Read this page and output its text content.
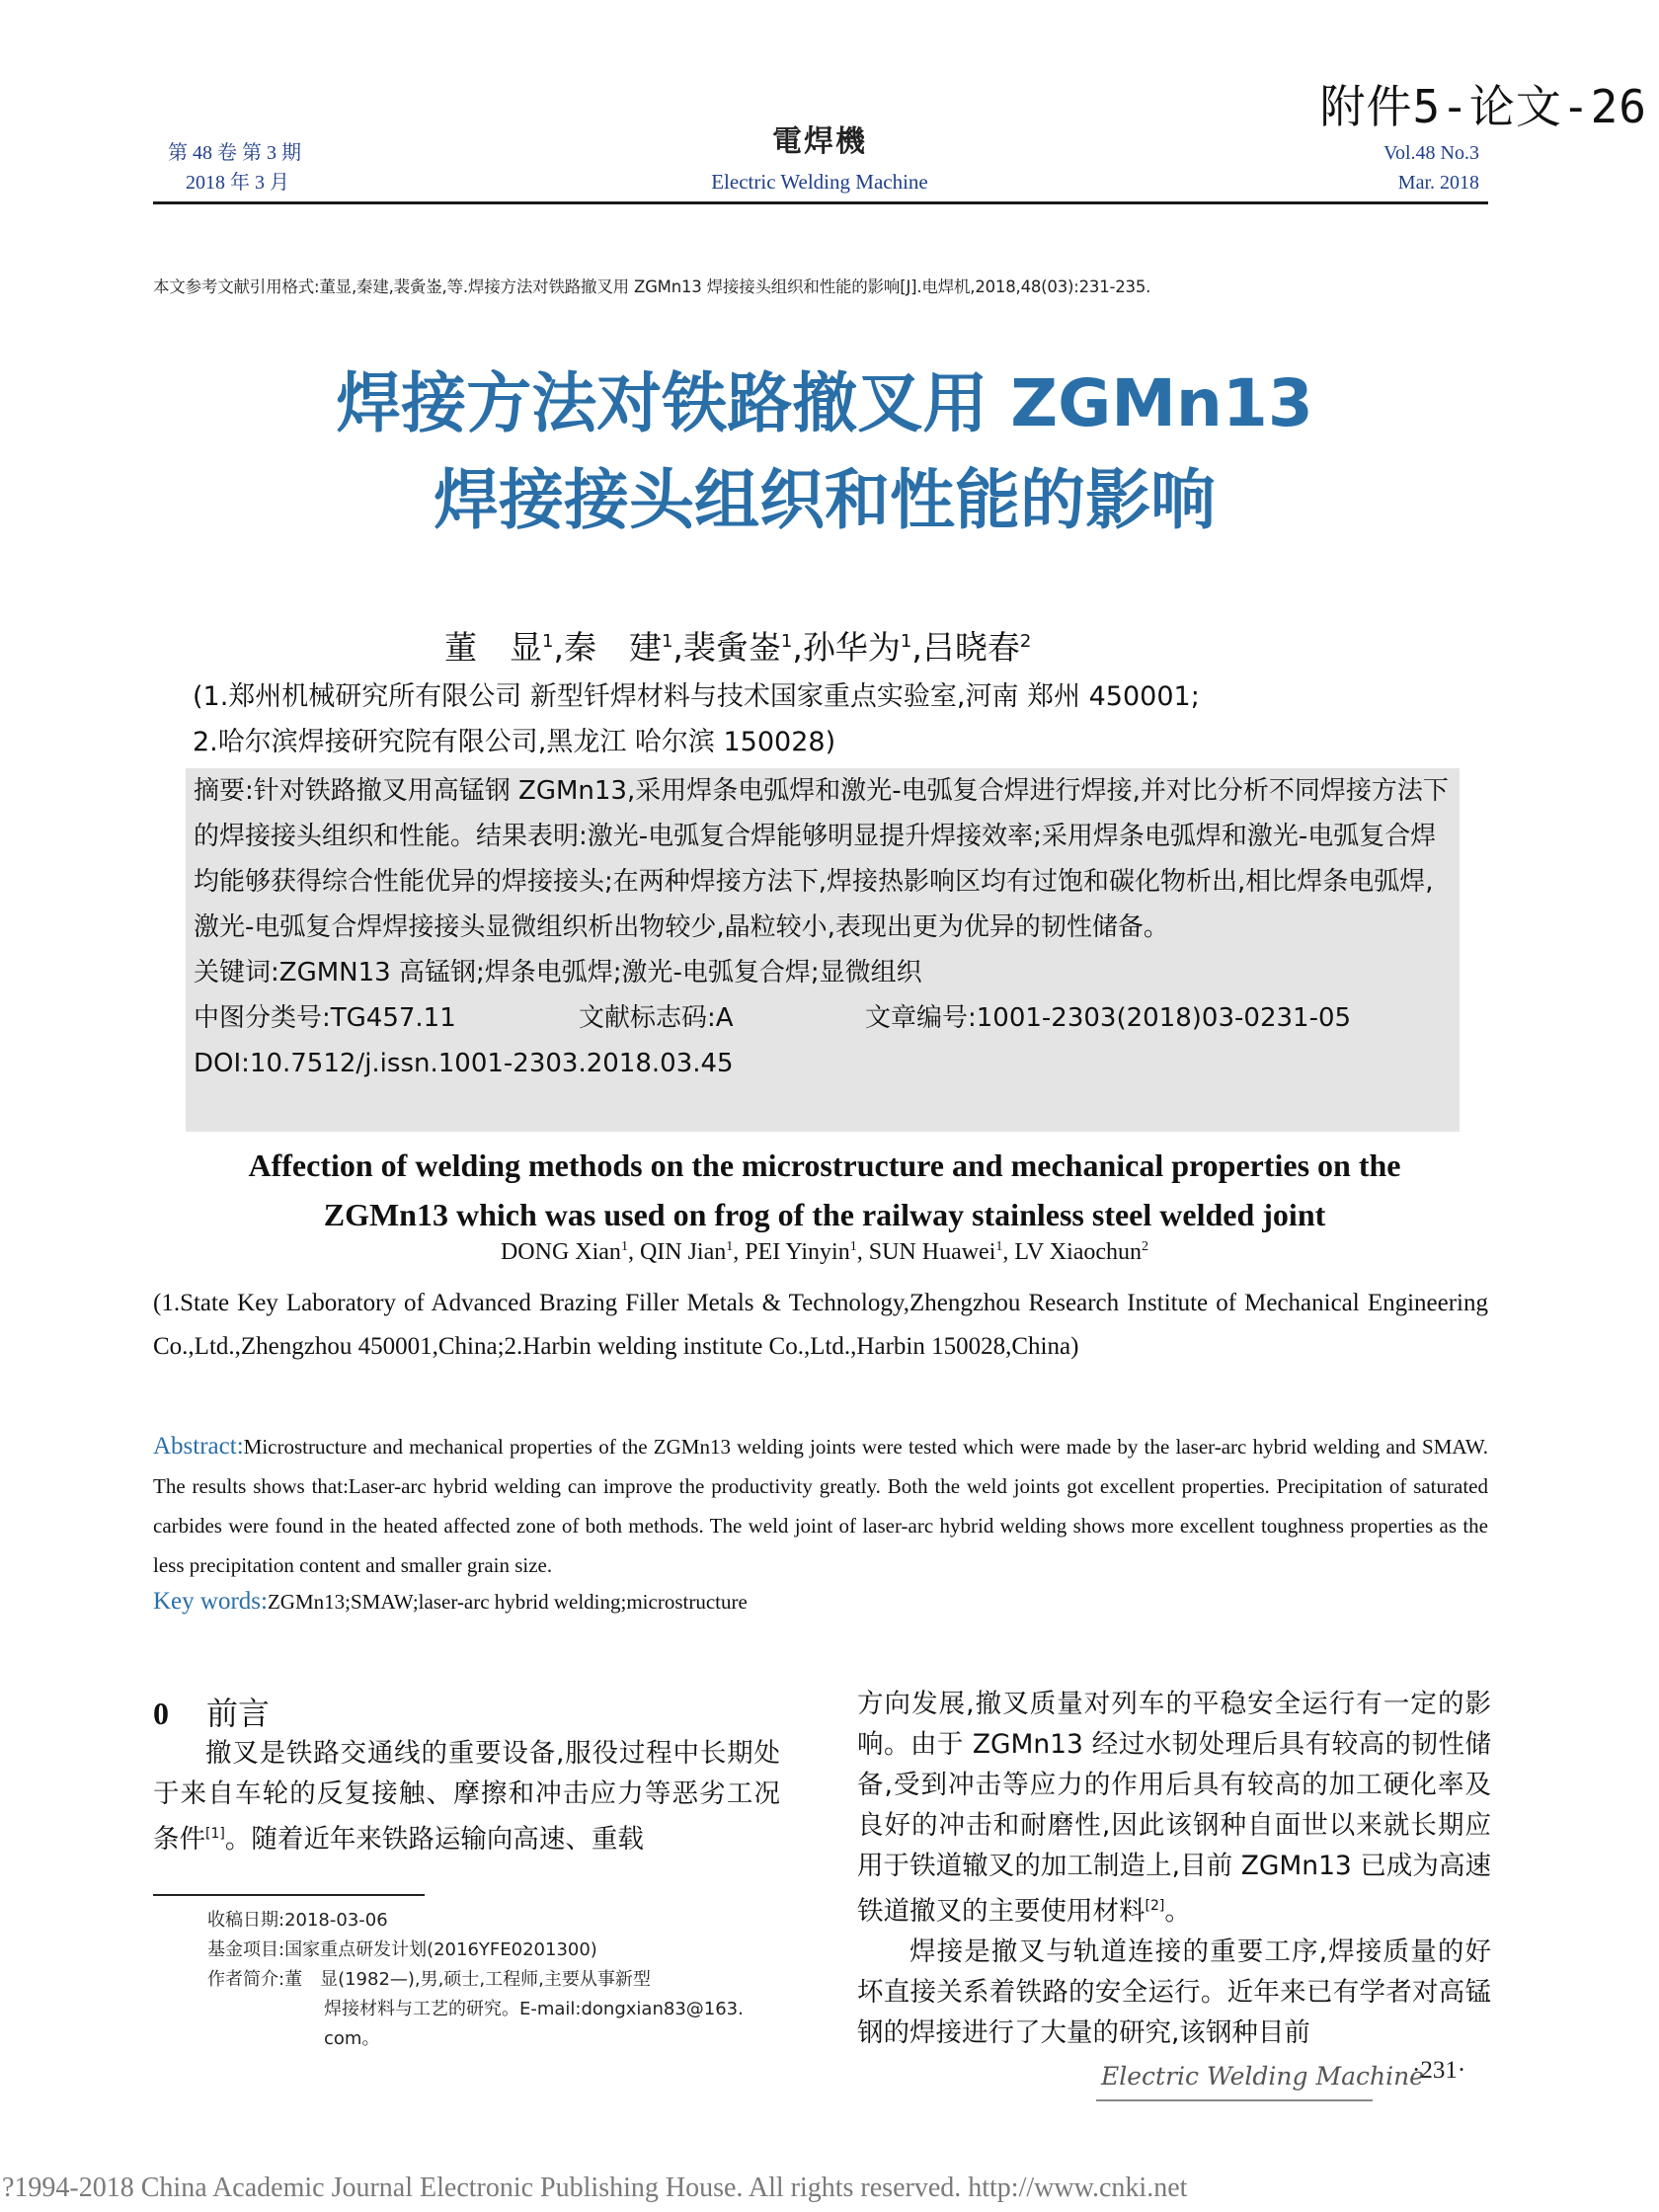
附件5-论文-26
第 48 卷 第 3 期
2018 年 3 月
電焊機
Electric Welding Machine
Vol.48 No.3
Mar. 2018
本文参考文献引用格式:董显,秦建,裴夤崟,等.焊接方法对铁路撤叉用 ZGMn13 焊接接头组织和性能的影响[J].电焊机,2018,48(03):231-235.
焊接方法对铁路撤叉用 ZGMn13
焊接接头组织和性能的影响
董　显$^1$,秦　建$^1$,裴夤崟$^1$,孙华为$^1$,吕晓春$^2$
(1.郑州机械研究所有限公司 新型钎焊材料与技术国家重点实验室,河南 郑州 450001;
2.哈尔滨焊接研究院有限公司,黑龙江 哈尔滨 150028)

摘要:针对铁路撤叉用高锰钢 ZGMn13,采用焊条电弧焊和激光-电弧复合焊进行焊接,并对比分析不同焊接方法下的焊接接头组织和性能。结果表明:激光-电弧复合焊能够明显提升焊接效率;采用焊条电弧焊和激光-电弧复合焊均能够获得综合性能优异的焊接接头;在两种焊接方法下,焊接热影响区均有过饱和碳化物析出,相比焊条电弧焊,激光-电弧复合焊焊接接头显微组织析出物较少,晶粒较小,表现出更为优异的韧性储备。

关键词:ZGMN13 高锰钢;焊条电弧焊;激光-电弧复合焊;显微组织
中图分类号:TG457.11	文献标志码:A	文章编号:1001-2303(2018)03-0231-05
DOI:10.7512/j.issn.1001-2303.2018.03.45
Affection of welding methods on the microstructure and mechanical properties on the
ZGMn13 which was used on frog of the railway stainless steel welded joint
DONG Xian$^1$, QIN Jian$^1$, PEI Yinyin$^1$, SUN Huawei$^1$, LV Xiaochun$^2$
(1.State Key Laboratory of Advanced Brazing Filler Metals & Technology,Zhengzhou Research Institute of Mechanical Engineering Co.,Ltd.,Zhengzhou 450001,China;2.Harbin welding institute Co.,Ltd.,Harbin 150028,China)
Abstract:Microstructure and mechanical properties of the ZGMn13 welding joints were tested which were made by the laser-arc hybrid welding and SMAW. The results shows that:Laser-arc hybrid welding can improve the productivity greatly. Both the weld joints got excellent properties. Precipitation of saturated carbides were found in the heated affected zone of both methods. The weld joint of laser-arc hybrid welding shows more excellent toughness properties as the less precipitation content and smaller grain size.
Key words:ZGMn13;SMAW;laser-arc hybrid welding;microstructure
0 前言

撤叉是铁路交通线的重要设备,服役过程中长期处于来自车轮的反复接触、摩擦和冲击应力等恶劣工况条件[1]。随着近年来铁路运输向高速、重载

方向发展,撤叉质量对列车的平稳安全运行有一定的影响。由于 ZGMn13 经过水韧处理后具有较高的韧性储备,受到冲击等应力的作用后具有较高的加工硬化率及良好的冲击和耐磨性,因此该钢种自面世以来就长期应用于铁道辙叉的加工制造上,目前 ZGMn13 已成为高速铁道撤叉的主要使用材料[2]。

焊接是撤叉与轨道连接的重要工序,焊接质量的好坏直接关系着铁路的安全运行。近年来已有学者对高锰钢的焊接进行了大量的研究,该钢种目前

收稿日期: 2018-03-06
基金项目: 国家重点研发计划(2016YFE0201300)
作者简介: 董　显(1982—),男,硕士,工程师,主要从事新型
焊接材料与工艺的研究。E-mail:dongxian83@163.
com。
Electric Welding Machine
·231·
?1994-2018 China Academic Journal Electronic Publishing House. All rights reserved. http://www.cnki.net
